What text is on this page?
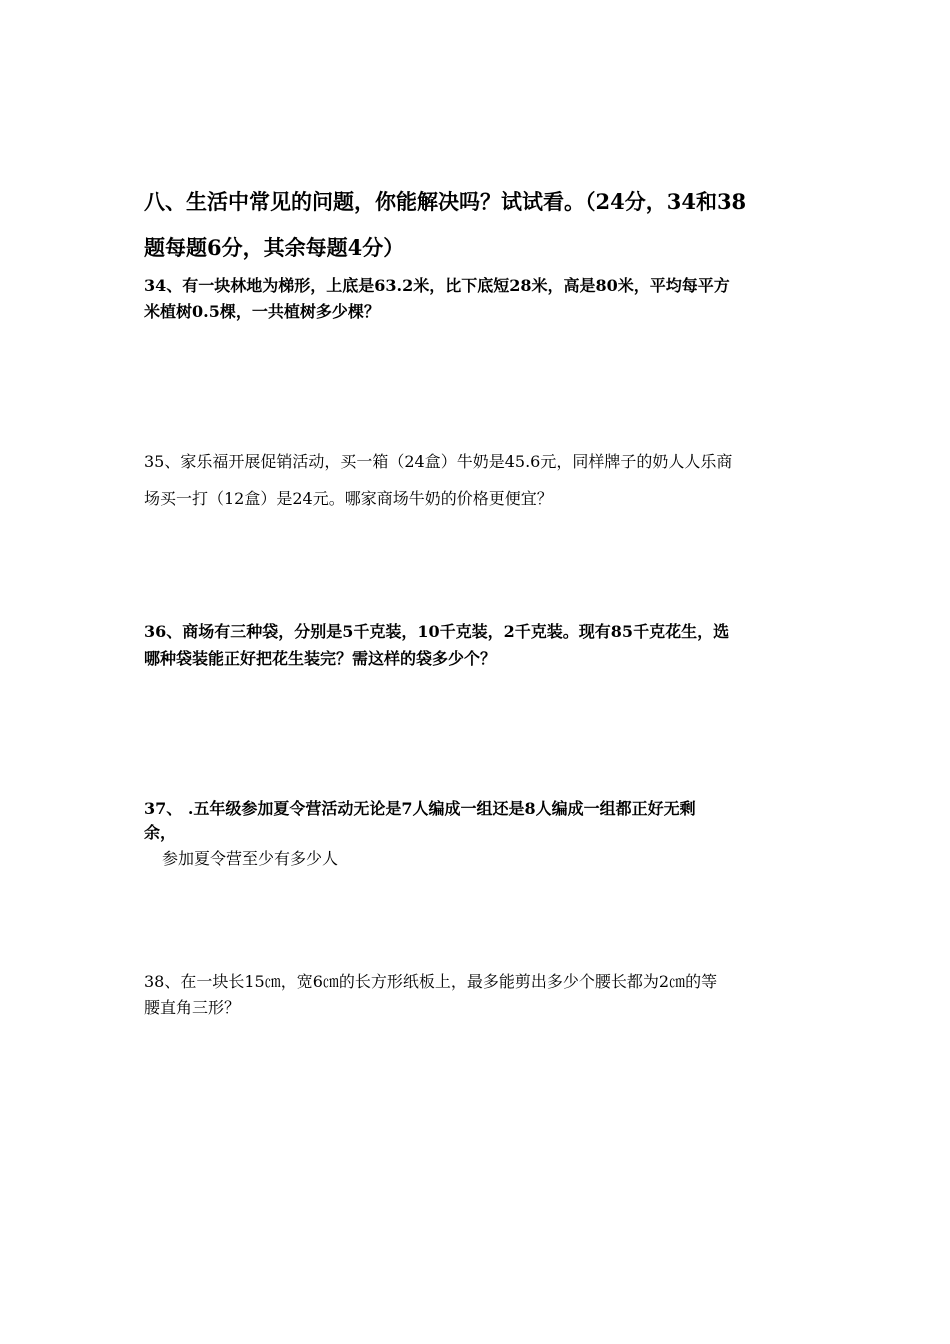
八、生活中常见的问题，你能解决吗？试试看。（24分，34和38
题每题6分，其余每题4分）
34、有一块林地为梯形，上底是63.2米，比下底短28米，高是80米，平均每平方
米植树0.5棵，一共植树多少棵？
35、家乐福开展促销活动，买一箱（24盒）牛奶是45.6元，同样牌子的奶人人乐商
场买一打（12盒）是24元。哪家商场牛奶的价格更便宜？
36、商场有三种袋，分别是5千克装，10千克装，2千克装。现有85千克花生，选
哪种袋装能正好把花生装完？需这样的袋多少个？
37、 .五年级参加夏令营活动无论是7人编成一组还是8人编成一组都正好无剩
余，
参加夏令营至少有多少人
38、在一块长15㎝，宽6㎝的长方形纸板上，最多能剪出多少个腰长都为2㎝的等
腰直角三形？
